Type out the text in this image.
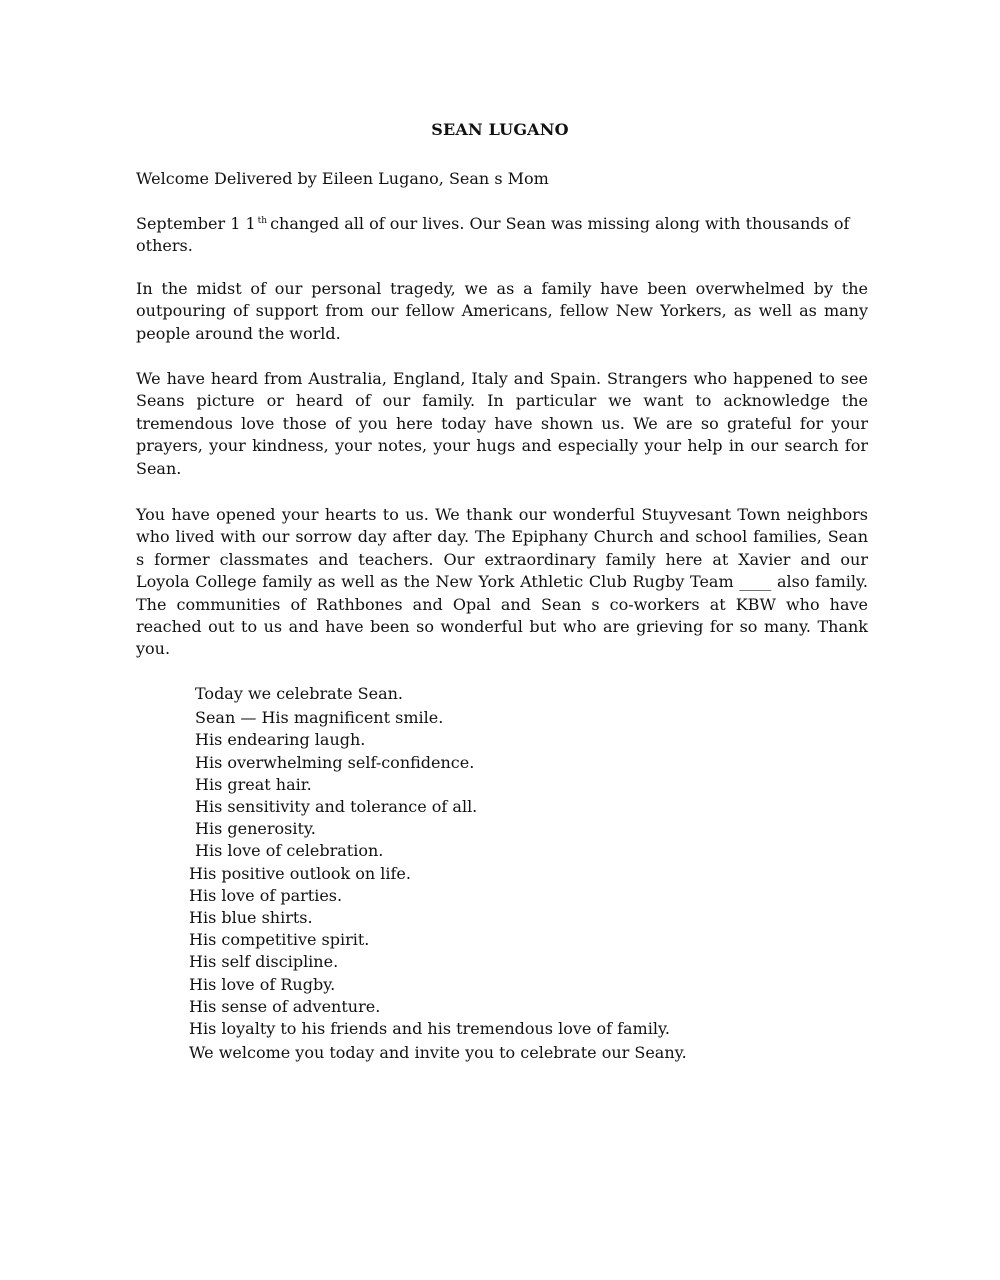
SEAN LUGANO
Welcome Delivered by Eileen Lugano, Sean s Mom
September 1 1 $^{th}$ changed all of our lives. Our Sean was missing along with thousands of others.
In the midst of our personal tragedy, we as a family have been overwhelmed by the outpouring of support from our fellow Americans, fellow New Yorkers, as well as many people around the world.
We have heard from Australia, England, Italy and Spain. Strangers who happened to see Seans picture or heard of our family. In particular we want to acknowledge the tremendous love those of you here today have shown us. We are so grateful for your prayers, your kindness, your notes, your hugs and especially your help in our search for Sean.
You have opened your hearts to us. We thank our wonderful Stuyvesant Town neighbors who lived with our sorrow day after day. The Epiphany Church and school families, Sean s former classmates and teachers. Our extraordinary family here at Xavier and our Loyola College family as well as the New York Athletic Club Rugby Team ____ also family. The communities of Rathbones and Opal and Sean s co-workers at KBW who have reached out to us and have been so wonderful but who are grieving for so many. Thank you.
Today we celebrate Sean.
Sean — His magnificent smile.
His endearing laugh.
His overwhelming self-confidence.
His great hair.
His sensitivity and tolerance of all.
His generosity.
His love of celebration.
His positive outlook on life.
His love of parties.
His blue shirts.
His competitive spirit.
His self discipline.
His love of Rugby.
His sense of adventure.
His loyalty to his friends and his tremendous love of family.
We welcome you today and invite you to celebrate our Seany.
